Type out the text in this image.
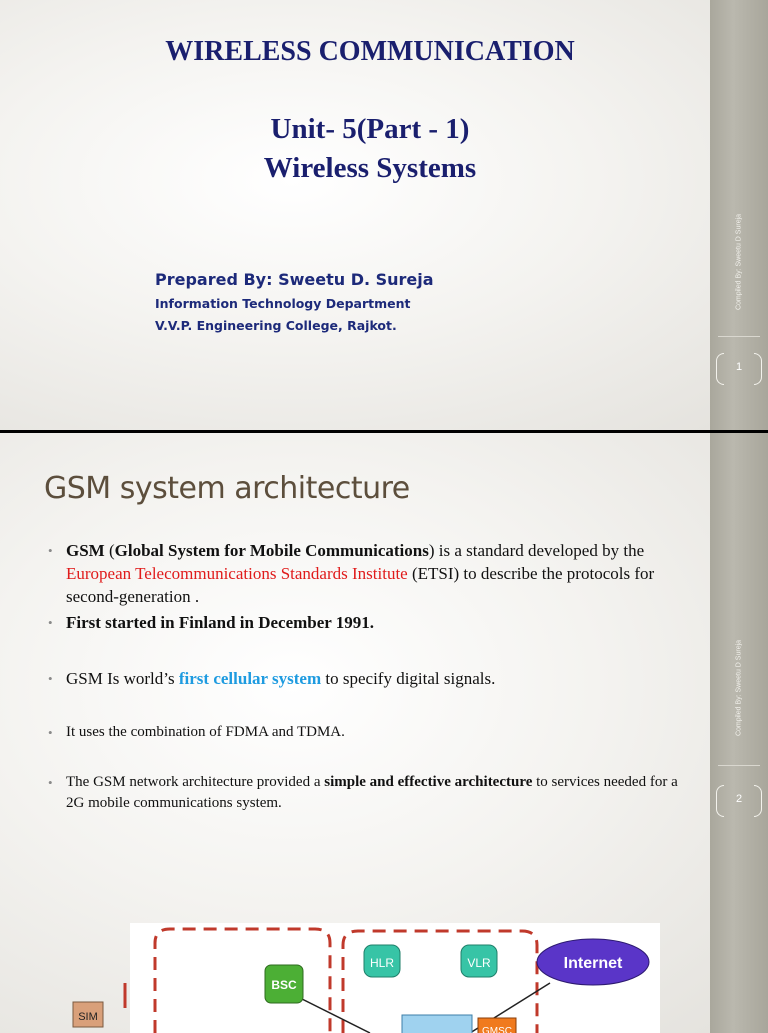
WIRELESS COMMUNICATION
Unit- 5(Part - 1)
Wireless Systems
Prepared By: Sweetu D. Sureja
Information Technology Department
V.V.P. Engineering College, Rajkot.
Compiled By: Sweetu D Sureja
1
GSM system architecture
• GSM (Global System for Mobile Communications) is a standard developed by the European Telecommunications Standards Institute (ETSI) to describe the protocols for second-generation .
• First started in Finland in December 1991.
• GSM Is world’s first cellular system to specify digital signals.
• It uses the combination of FDMA and TDMA.
• The GSM network architecture provided a simple and effective architecture to services needed for a 2G mobile communications system.
SIM
BSC
HLR	VLR	Internet
GMSC
Compiled By: Sweetu D Sureja
2
